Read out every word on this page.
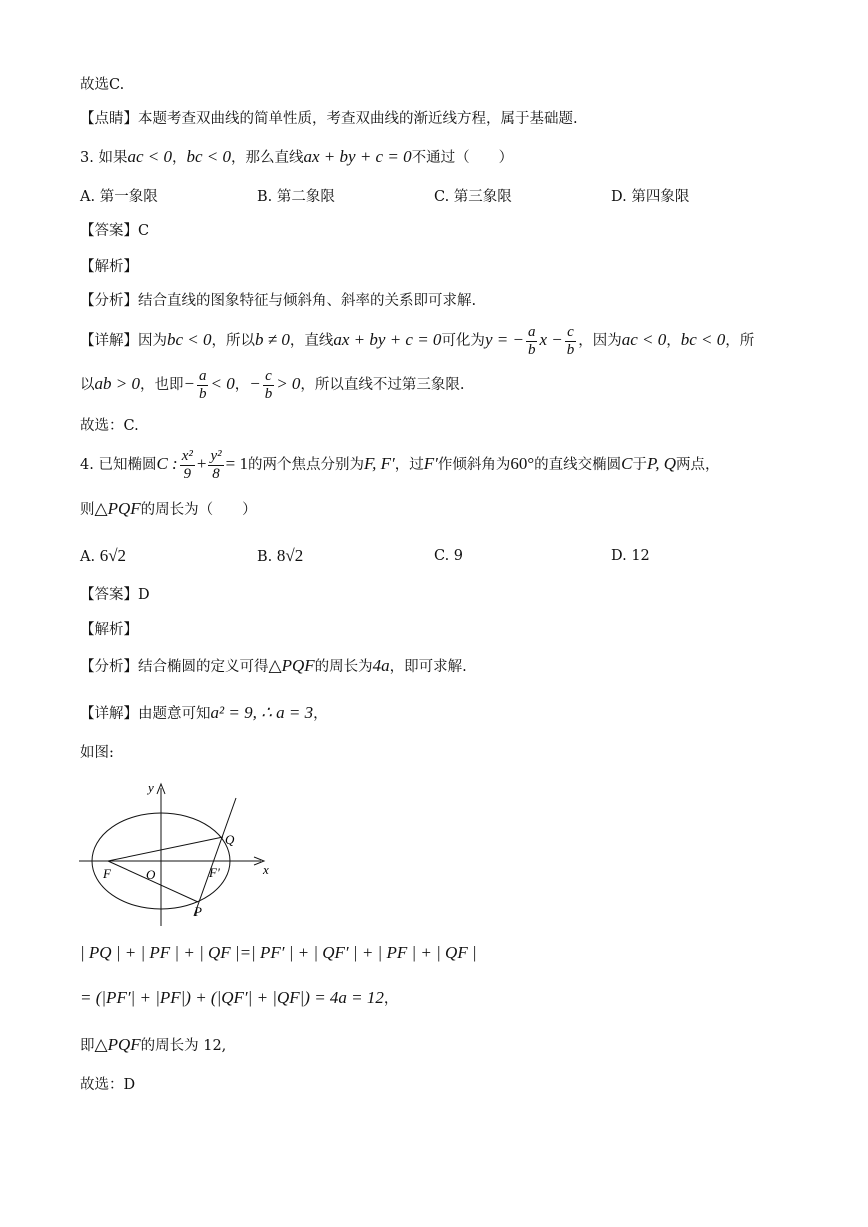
故选C.
【点睛】本题考查双曲线的简单性质，考查双曲线的渐近线方程，属于基础题.
3. 如果ac < 0，bc < 0，那么直线ax + by + c = 0不通过（　　）
A. 第一象限	B. 第二象限	C. 第三象限	D. 第四象限
【答案】C
【解析】
【分析】结合直线的图象特征与倾斜角、斜率的关系即可求解.
【详解】因为bc < 0，所以b ≠ 0，直线ax + by + c = 0可化为y = − $\frac{a}{b}$ $x - \frac{c}{b}$ ，因为ac < 0，bc < 0，所
以ab > 0，也即− $\frac{a}{b} < 0$，− $\frac{c}{b} > 0$，所以直线不过第三象限.
故选：C.
4. 已知椭圆C : $\frac{\text{x²}}{9} + \frac{\text{y²}}{8} = 1$的两个焦点分别为F, F′，过F′作倾斜角为60°的直线交椭圆C于P, Q两点，
则△PQF的周长为（　　）
A. 6√2	B. 8√2	C. 9	D. 12
【答案】D
【解析】
【分析】结合椭圆的定义可得△PQF的周长为4a，即可求解.
【详解】由题意可知a² = 9, ∴ a = 3，
如图:
y
x
F	O	F′
Q
P
| PQ | + | PF | + | QF |=| PF′ | + | QF′ | + | PF | + | QF |
= (|PF′| + |PF|) + (|QF′| + |QF|) = 4a = 12，
即△PQF的周长为 12,
故选：D
